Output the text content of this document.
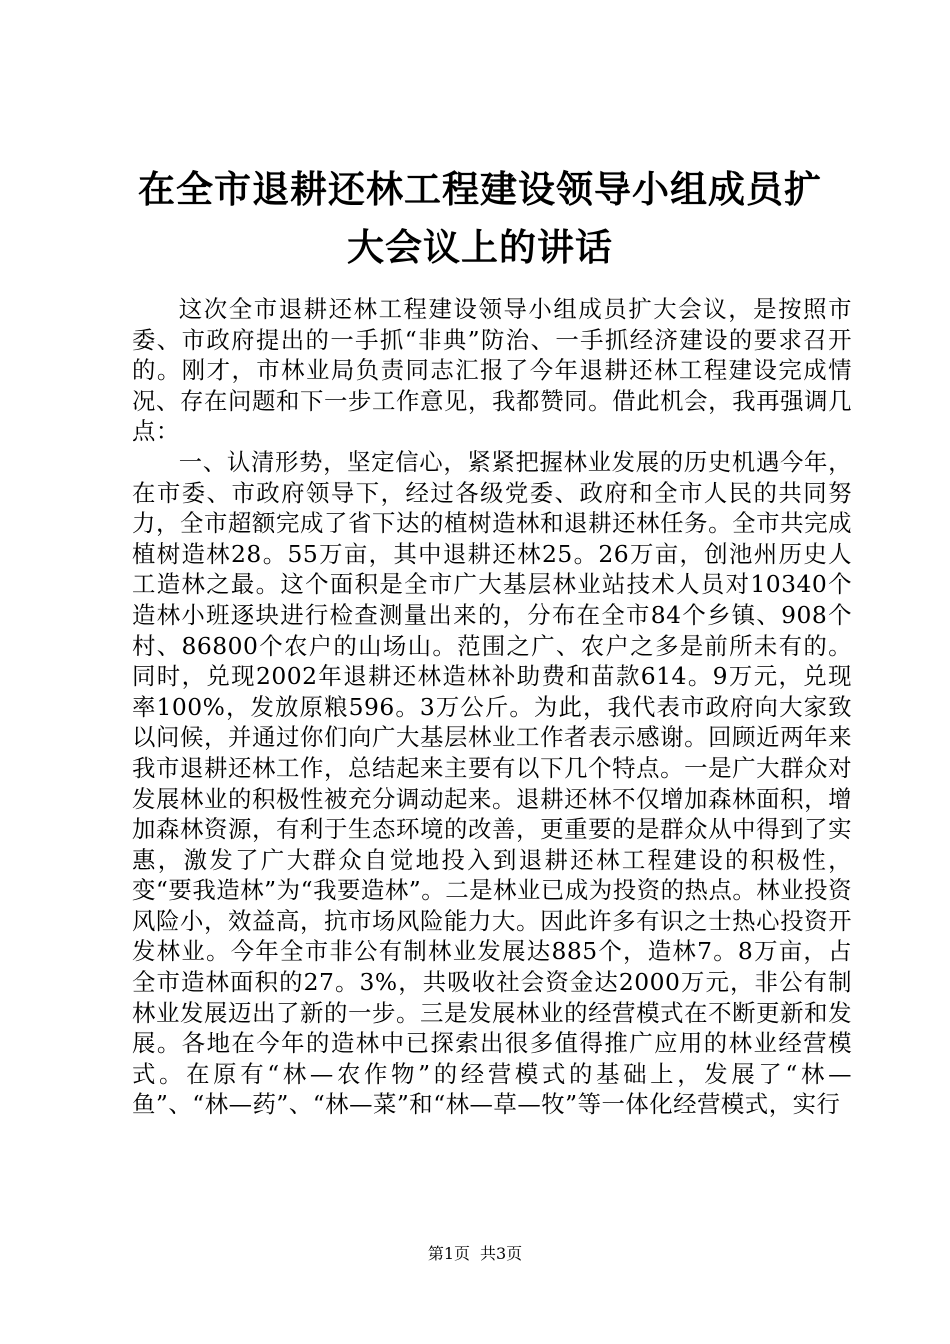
在全市退耕还林工程建设领导小组成员扩大会议上的讲话

这次全市退耕还林工程建设领导小组成员扩大会议，是按照市委、市政府提出的一手抓“非典”防治、一手抓经济建设的要求召开的。刚才，市林业局负责同志汇报了今年退耕还林工程建设完成情况、存在问题和下一步工作意见，我都赞同。借此机会，我再强调几点：

一、认清形势，坚定信心，紧紧把握林业发展的历史机遇今年，在市委、市政府领导下，经过各级党委、政府和全市人民的共同努力，全市超额完成了省下达的植树造林和退耕还林任务。全市共完成植树造林28。55万亩，其中退耕还林25。26万亩，创池州历史人工造林之最。这个面积是全市广大基层林业站技术人员对10340个造林小班逐块进行检查测量出来的，分布在全市84个乡镇、908个村、86800个农户的山场山。范围之广、农户之多是前所未有的。同时，兑现2002年退耕还林造林补助费和苗款614。9万元，兑现率100%，发放原粮596。3万公斤。为此，我代表市政府向大家致以问候，并通过你们向广大基层林业工作者表示感谢。回顾近两年来我市退耕还林工作，总结起来主要有以下几个特点。一是广大群众对发展林业的积极性被充分调动起来。退耕还林不仅增加森林面积，增加森林资源，有利于生态环境的改善，更重要的是群众从中得到了实惠，激发了广大群众自觉地投入到退耕还林工程建设的积极性，变“要我造林”为“我要造林”。二是林业已成为投资的热点。林业投资风险小，效益高，抗市场风险能力大。因此许多有识之士热心投资开发林业。今年全市非公有制林业发展达885个，造林7。8万亩，占全市造林面积的27。3%，共吸收社会资金达2000万元，非公有制林业发展迈出了新的一步。三是发展林业的经营模式在不断更新和发展。各地在今年的造林中已探索出很多值得推广应用的林业经营模式。在原有“林—农作物”的经营模式的基础上，发展了“林—鱼”、“林—药”、“林—菜”和“林—草—牧”等一体化经营模式，实行

第1页 共3页
